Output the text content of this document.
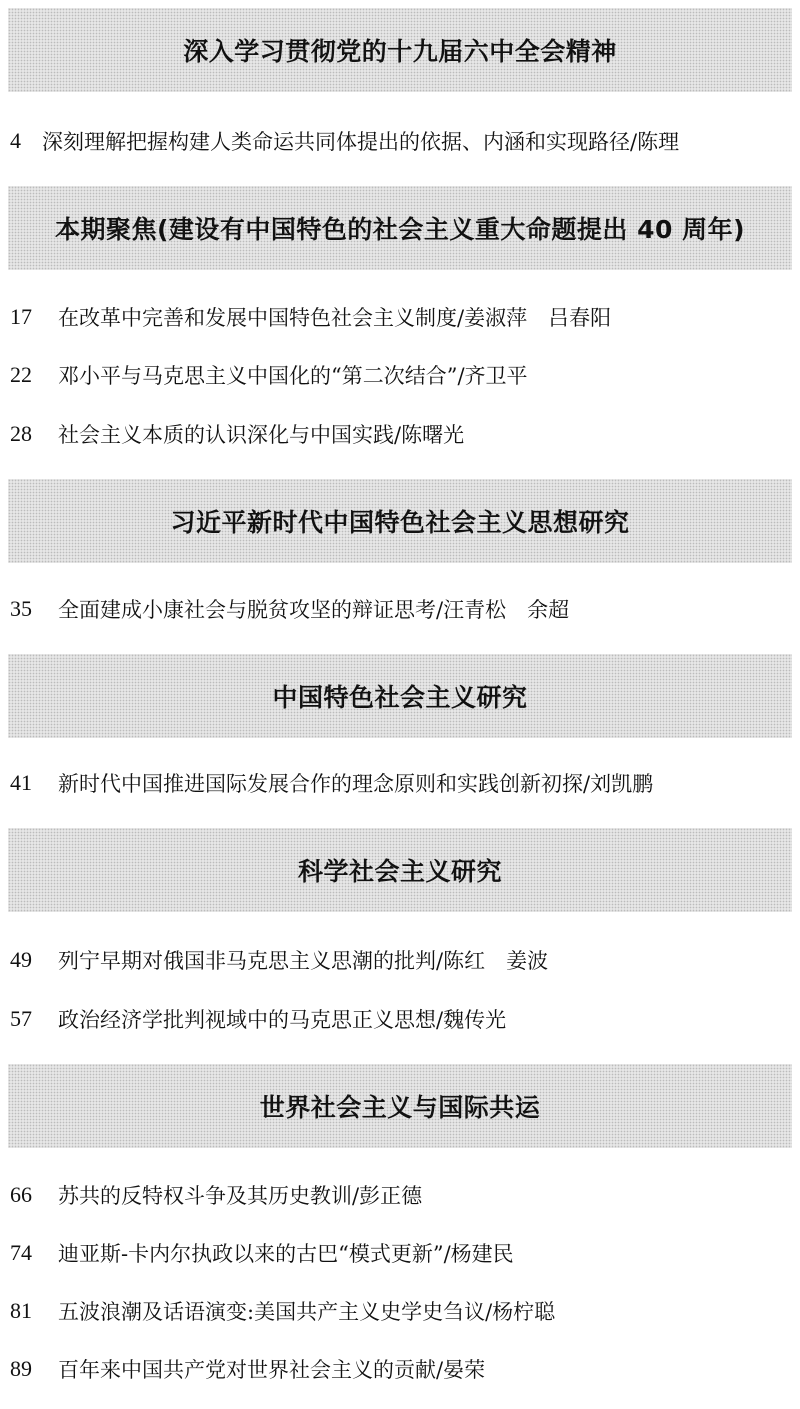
深入学习贯彻党的十九届六中全会精神
4	深刻理解把握构建人类命运共同体提出的依据、内涵和实现路径/陈理
本期聚焦(建设有中国特色的社会主义重大命题提出 40 周年)
17	在改革中完善和发展中国特色社会主义制度/姜淑萍　吕春阳
22	邓小平与马克思主义中国化的“第二次结合”/齐卫平
28	社会主义本质的认识深化与中国实践/陈曙光
习近平新时代中国特色社会主义思想研究
35	全面建成小康社会与脱贫攻坚的辩证思考/汪青松　余超
中国特色社会主义研究
41	新时代中国推进国际发展合作的理念原则和实践创新初探/刘凯鹏
科学社会主义研究
49	列宁早期对俄国非马克思主义思潮的批判/陈红　姜波
57	政治经济学批判视域中的马克思正义思想/魏传光
世界社会主义与国际共运
66	苏共的反特权斗争及其历史教训/彭正德
74	迪亚斯-卡内尔执政以来的古巴“模式更新”/杨建民
81	五波浪潮及话语演变:美国共产主义史学史刍议/杨柠聪
89	百年来中国共产党对世界社会主义的贡献/晏荣
